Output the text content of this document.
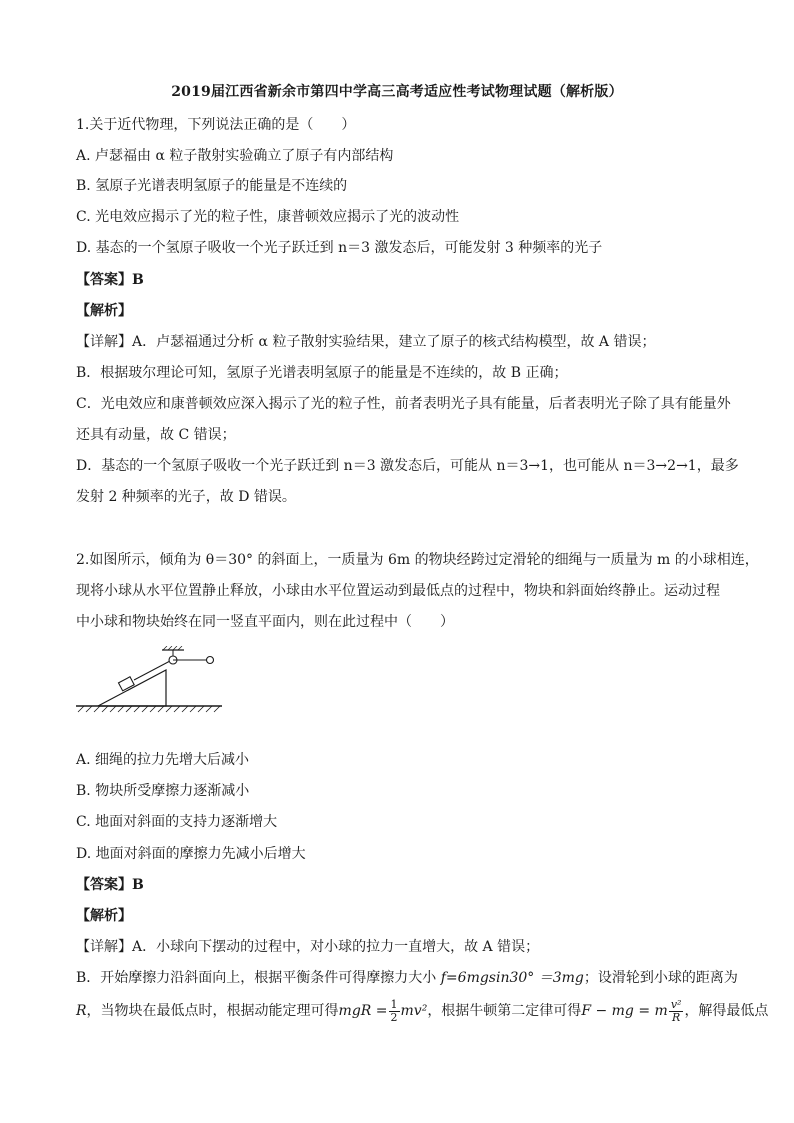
2019届江西省新余市第四中学高三高考适应性考试物理试题（解析版）
1.关于近代物理，下列说法正确的是（　　）
A. 卢瑟福由 α 粒子散射实验确立了原子有内部结构
B. 氢原子光谱表明氢原子的能量是不连续的
C. 光电效应揭示了光的粒子性，康普顿效应揭示了光的波动性
D. 基态的一个氢原子吸收一个光子跃迁到 n＝3 激发态后，可能发射 3 种频率的光子
【答案】B
【解析】
【详解】A．卢瑟福通过分析 α 粒子散射实验结果，建立了原子的核式结构模型，故 A 错误；
B．根据玻尔理论可知，氢原子光谱表明氢原子的能量是不连续的，故 B 正确；
C．光电效应和康普顿效应深入揭示了光的粒子性，前者表明光子具有能量，后者表明光子除了具有能量外
还具有动量，故 C 错误；
D．基态的一个氢原子吸收一个光子跃迁到 n＝3 激发态后，可能从 n＝3→1，也可能从 n＝3→2→1，最多
发射 2 种频率的光子，故 D 错误。
2.如图所示，倾角为 θ＝30° 的斜面上，一质量为 6m 的物块经跨过定滑轮的细绳与一质量为 m 的小球相连，
现将小球从水平位置静止释放，小球由水平位置运动到最低点的过程中，物块和斜面始终静止。运动过程
中小球和物块始终在同一竖直平面内，则在此过程中（　　）
A. 细绳的拉力先增大后减小
B. 物块所受摩擦力逐渐减小
C. 地面对斜面的支持力逐渐增大
D. 地面对斜面的摩擦力先减小后增大
【答案】B
【解析】
【详解】A．小球向下摆动的过程中，对小球的拉力一直增大，故 A 错误；
B．开始摩擦力沿斜面向上，根据平衡条件可得摩擦力大小 f=6mgsin30° ＝3mg；设滑轮到小球的距离为
R，当物块在最低点时，根据动能定理可得mgR = $\frac{1}{2} mv^2$，根据牛顿第二定律可得F − mg = m $\frac{\text{v²}}{R}$ ，解得最低点
